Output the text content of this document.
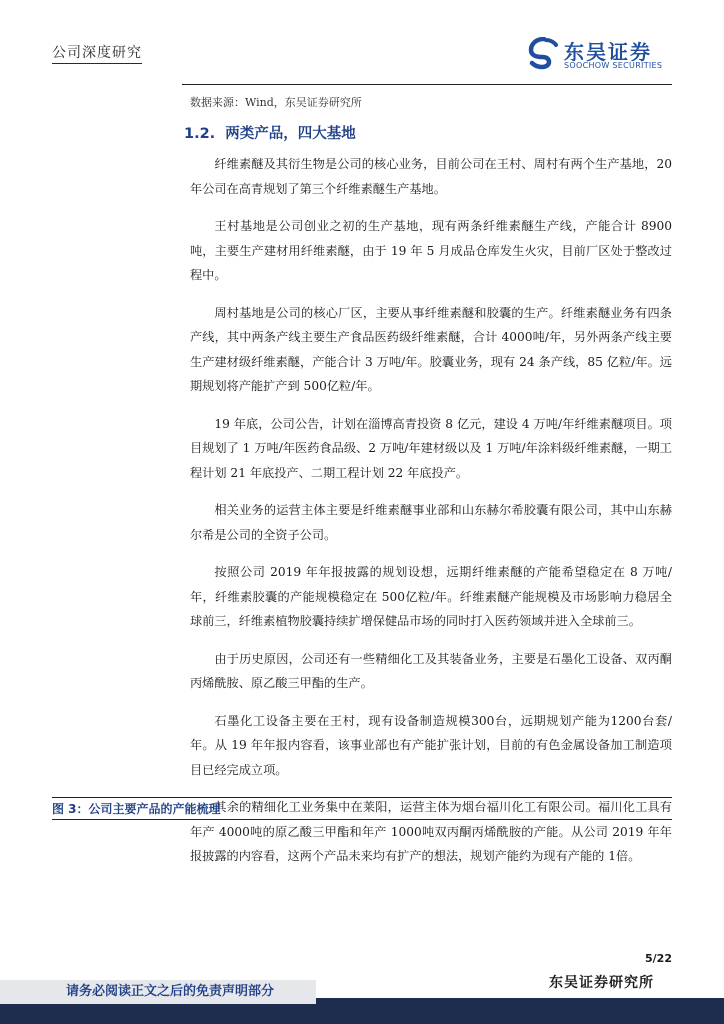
公司深度研究	东吴证券
SOOCHOW SECURITIES
数据来源：Wind，东吴证券研究所
1.2. 两类产品，四大基地

纤维素醚及其衍生物是公司的核心业务，目前公司在王村、周村有两个生产基地，20年公司在高青规划了第三个纤维素醚生产基地。

王村基地是公司创业之初的生产基地，现有两条纤维素醚生产线，产能合计 8900吨，主要生产建材用纤维素醚，由于 19 年 5 月成品仓库发生火灾，目前厂区处于整改过程中。

周村基地是公司的核心厂区，主要从事纤维素醚和胶囊的生产。纤维素醚业务有四条产线，其中两条产线主要生产食品医药级纤维素醚，合计 4000吨/年，另外两条产线主要生产建材级纤维素醚，产能合计 3 万吨/年。胶囊业务，现有 24 条产线，85 亿粒/年。远期规划将产能扩产到 500亿粒/年。

19 年底，公司公告，计划在淄博高青投资 8 亿元，建设 4 万吨/年纤维素醚项目。项目规划了 1 万吨/年医药食品级、2 万吨/年建材级以及 1 万吨/年涂料级纤维素醚，一期工程计划 21 年底投产、二期工程计划 22 年底投产。

相关业务的运营主体主要是纤维素醚事业部和山东赫尔希胶囊有限公司，其中山东赫尔希是公司的全资子公司。

按照公司 2019 年年报披露的规划设想，远期纤维素醚的产能希望稳定在 8 万吨/年，纤维素胶囊的产能规模稳定在 500亿粒/年。纤维素醚产能规模及市场影响力稳居全球前三，纤维素植物胶囊持续扩增保健品市场的同时打入医药领域并进入全球前三。

由于历史原因，公司还有一些精细化工及其装备业务，主要是石墨化工设备、双丙酮丙烯酰胺、原乙酸三甲酯的生产。

石墨化工设备主要在王村，现有设备制造规模300台，远期规划产能为1200台套/年。从 19 年年报内容看，该事业部也有产能扩张计划，目前的有色金属设备加工制造项目已经完成立项。

其余的精细化工业务集中在莱阳，运营主体为烟台福川化工有限公司。福川化工具有年产 4000吨的原乙酸三甲酯和年产 1000吨双丙酮丙烯酰胺的产能。从公司 2019 年年报披露的内容看，这两个产品未来均有扩产的想法，规划产能约为现有产能的 1倍。

图 3：公司主要产品的产能梳理
5/22
东吴证券研究所
请务必阅读正文之后的免责声明部分
